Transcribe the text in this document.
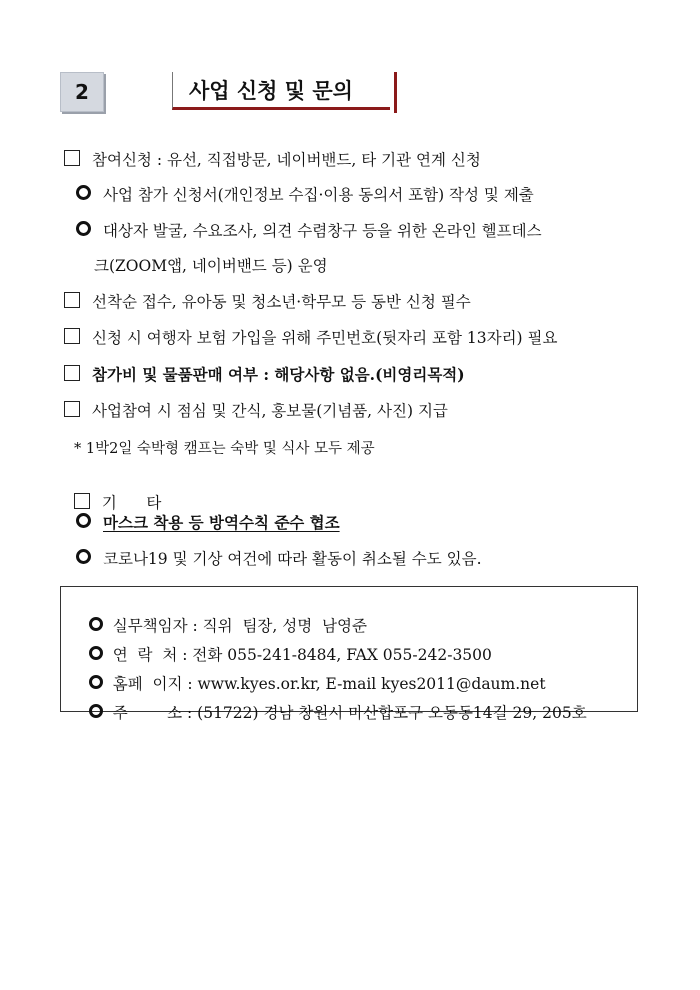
2	사업 신청 및 문의
참여신청 : 유선, 직접방문, 네이버밴드, 타 기관 연계 신청
사업 참가 신청서(개인정보 수집·이용 동의서 포함) 작성 및 제출
대상자 발굴, 수요조사, 의견 수렴창구 등을 위한 온라인 헬프데스
크(ZOOM앱, 네이버밴드 등) 운영
선착순 접수, 유아동 및 청소년·학무모 등 동반 신청 필수
신청 시 여행자 보험 가입을 위해 주민번호(뒷자리 포함 13자리) 필요
참가비 및 물품판매 여부 : 해당사항 없음.(비영리목적)
사업참여 시 점심 및 간식, 홍보물(기념품, 사진) 지급
* 1박2일 숙박형 캠프는 숙박 및 식사 모두 제공

기      타

마스크 착용 등 방역수칙 준수 협조
코로나19 및 기상 여건에 따라 활동이 취소될 수도 있음.

실무책임자 : 직위  팀장, 성명  남영준

연  락  처 : 전화 055-241-8484, FAX 055-242-3500

홈페  이지 : www.kyes.or.kr, E-mail kyes2011@daum.net

주        소 : (51722) 경남 창원시 마산합포구 오동동14길 29, 205호
